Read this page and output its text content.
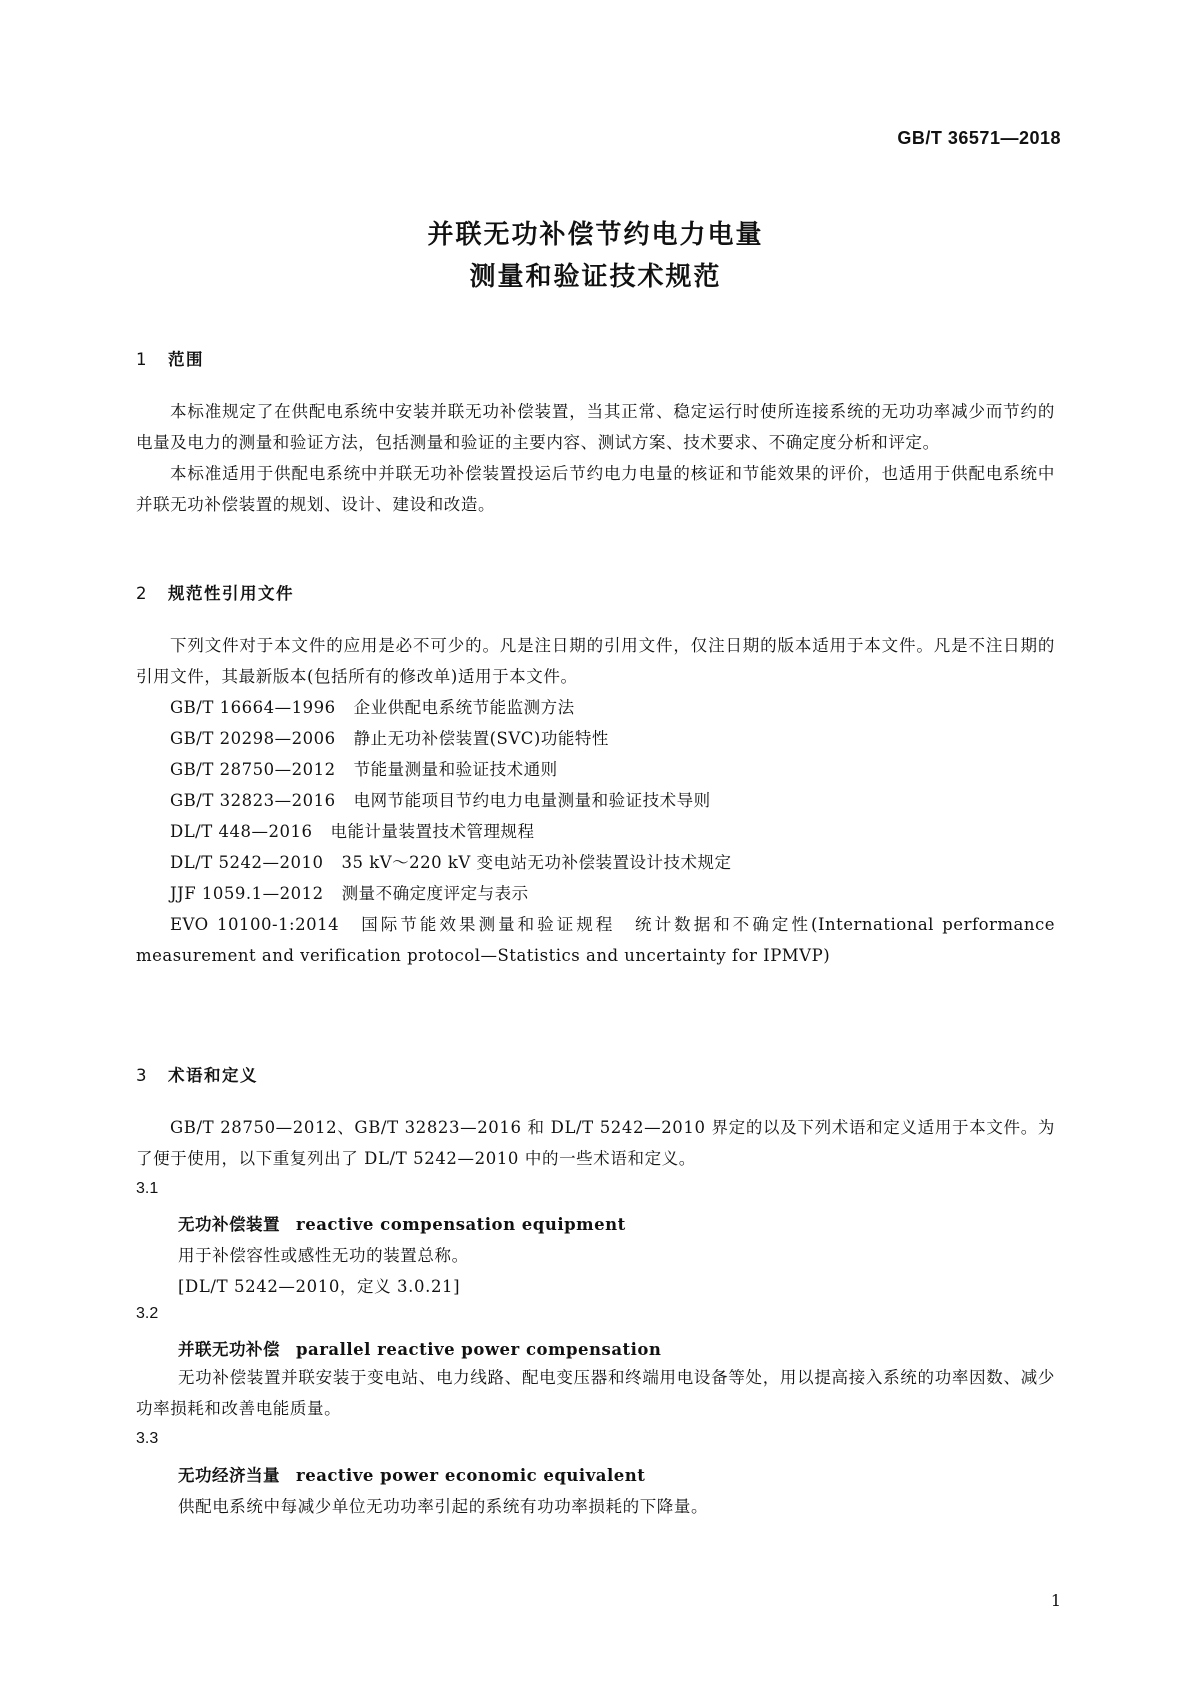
GB/T 36571—2018
并联无功补偿节约电力电量
测量和验证技术规范
1 范围

本标准规定了在供配电系统中安装并联无功补偿装置，当其正常、稳定运行时使所连接系统的无功功率减少而节约的电量及电力的测量和验证方法，包括测量和验证的主要内容、测试方案、技术要求、不确定度分析和评定。

本标准适用于供配电系统中并联无功补偿装置投运后节约电力电量的核证和节能效果的评价，也适用于供配电系统中并联无功补偿装置的规划、设计、建设和改造。

2 规范性引用文件

下列文件对于本文件的应用是必不可少的。凡是注日期的引用文件，仅注日期的版本适用于本文件。凡是不注日期的引用文件，其最新版本(包括所有的修改单)适用于本文件。

GB/T 16664—1996 企业供配电系统节能监测方法
GB/T 20298—2006 静止无功补偿装置(SVC)功能特性
GB/T 28750—2012 节能量测量和验证技术通则
GB/T 32823—2016 电网节能项目节约电力电量测量和验证技术导则
DL/T 448—2016 电能计量装置技术管理规程
DL/T 5242—2010 35 kV～220 kV 变电站无功补偿装置设计技术规定
JJF 1059.1—2012 测量不确定度评定与表示
EVO 10100-1:2014　国际节能效果测量和验证规程　统计数据和不确定性(International performance measurement and verification protocol—Statistics and uncertainty for IPMVP)
3 术语和定义

GB/T 28750—2012、GB/T 32823—2016 和 DL/T 5242—2010 界定的以及下列术语和定义适用于本文件。为了便于使用，以下重复列出了 DL/T 5242—2010 中的一些术语和定义。

3.1
无功补偿装置 reactive compensation equipment
用于补偿容性或感性无功的装置总称。
[DL/T 5242—2010，定义 3.0.21]
3.2
并联无功补偿 parallel reactive power compensation
无功补偿装置并联安装于变电站、电力线路、配电变压器和终端用电设备等处，用以提高接入系统的功率因数、减少功率损耗和改善电能质量。
3.3
无功经济当量 reactive power economic equivalent
供配电系统中每减少单位无功功率引起的系统有功功率损耗的下降量。
1
